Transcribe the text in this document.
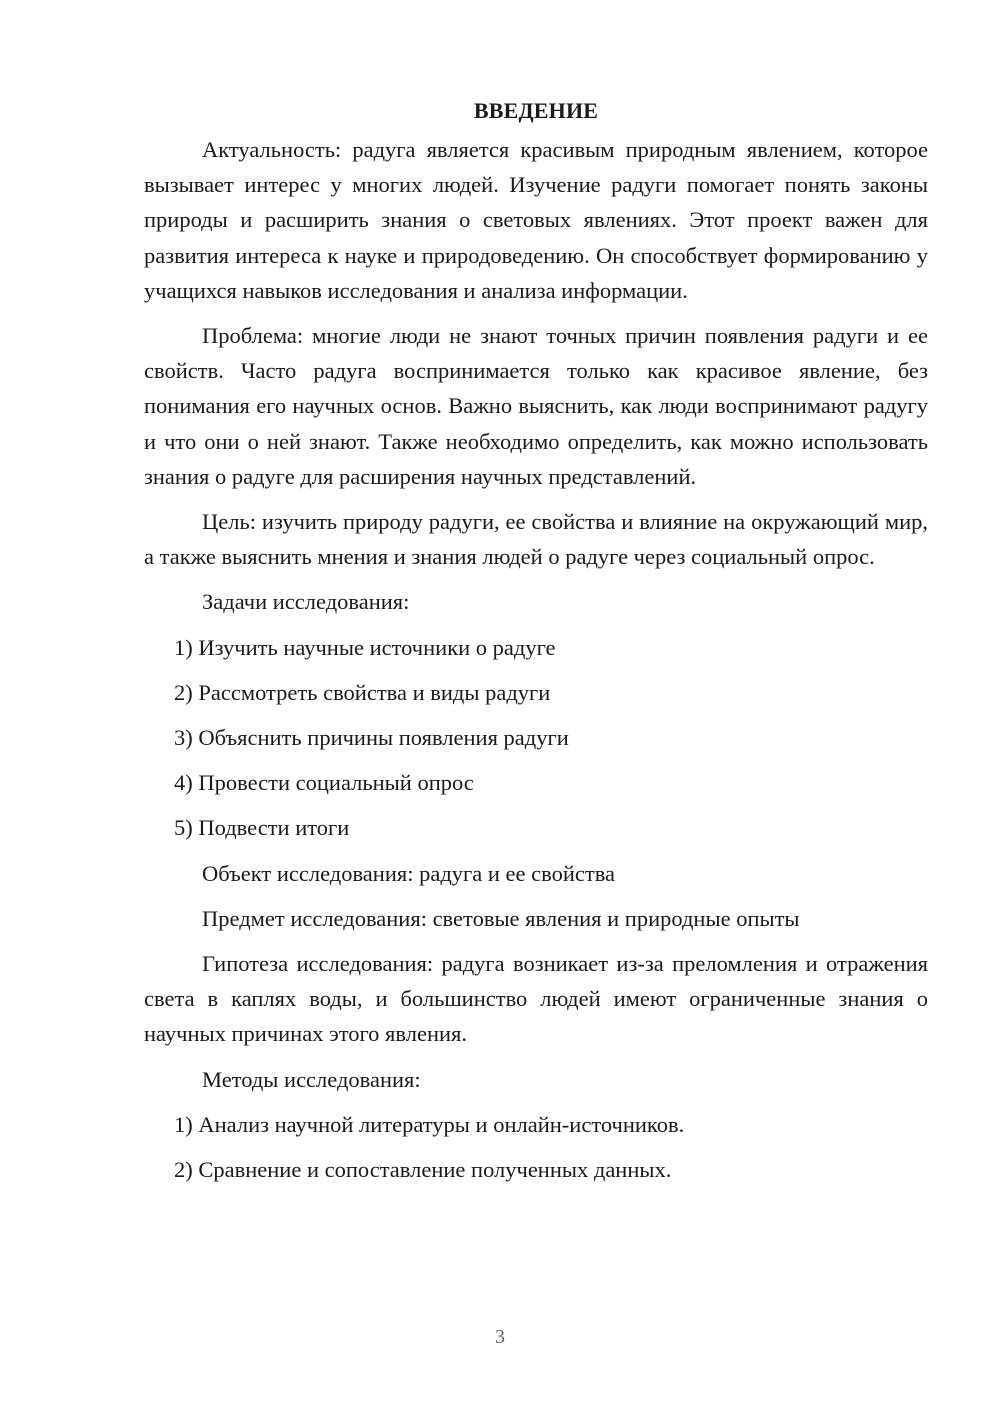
ВВЕДЕНИЕ

Актуальность: радуга является красивым природным явлением, которое вызывает интерес у многих людей. Изучение радуги помогает понять законы природы и расширить знания о световых явлениях. Этот проект важен для развития интереса к науке и природоведению. Он способствует формированию у учащихся навыков исследования и анализа информации.

Проблема: многие люди не знают точных причин появления радуги и ее свойств. Часто радуга воспринимается только как красивое явление, без понимания его научных основ. Важно выяснить, как люди воспринимают радугу и что они о ней знают. Также необходимо определить, как можно использовать знания о радуге для расширения научных представлений.

Цель: изучить природу радуги, ее свойства и влияние на окружающий мир, а также выяснить мнения и знания людей о радуге через социальный опрос.

Задачи исследования:
1) Изучить научные источники о радуге
2) Рассмотреть свойства и виды радуги
3) Объяснить причины появления радуги
4) Провести социальный опрос
5) Подвести итоги
Объект исследования: радуга и ее свойства
Предмет исследования: световые явления и природные опыты

Гипотеза исследования: радуга возникает из-за преломления и отражения света в каплях воды, и большинство людей имеют ограниченные знания о научных причинах этого явления.

Методы исследования:
1) Анализ научной литературы и онлайн-источников.
2) Сравнение и сопоставление полученных данных.
3
